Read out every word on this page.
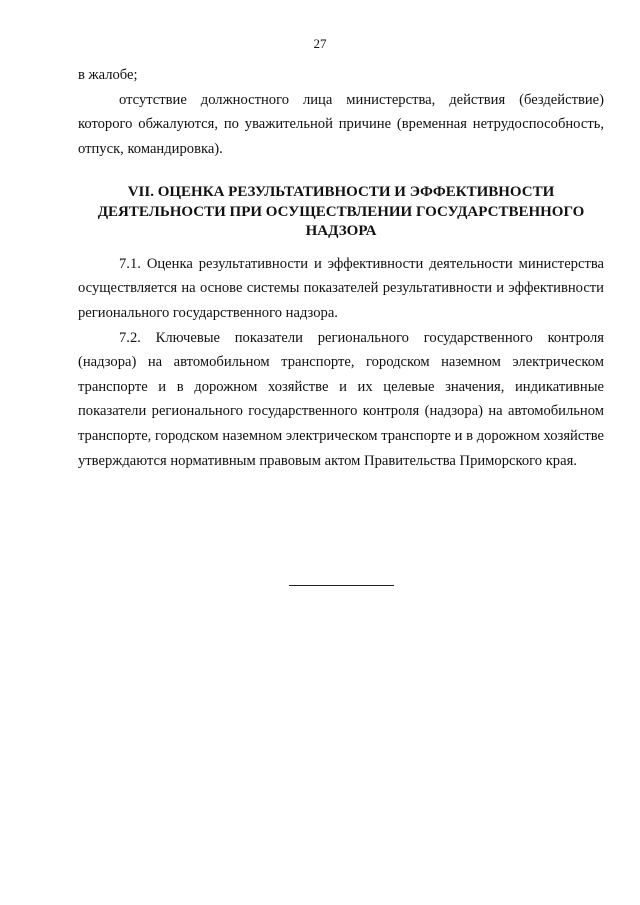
27

в жалобе;

отсутствие должностного лица министерства, действия (бездействие) которого обжалуются, по уважительной причине (временная нетрудоспособность, отпуск, командировка).

VII. ОЦЕНКА РЕЗУЛЬТАТИВНОСТИ И ЭФФЕКТИВНОСТИ
ДЕЯТЕЛЬНОСТИ ПРИ ОСУЩЕСТВЛЕНИИ ГОСУДАРСТВЕННОГО
НАДЗОРА

7.1. Оценка результативности и эффективности деятельности министерства осуществляется на основе системы показателей результативности и эффективности регионального государственного надзора.

7.2. Ключевые показатели регионального государственного контроля (надзора) на автомобильном транспорте, городском наземном электрическом транспорте и в дорожном хозяйстве и их целевые значения, индикативные показатели регионального государственного контроля (надзора) на автомобильном транспорте, городском наземном электрическом транспорте и в дорожном хозяйстве утверждаются нормативным правовым актом Правительства Приморского края.
